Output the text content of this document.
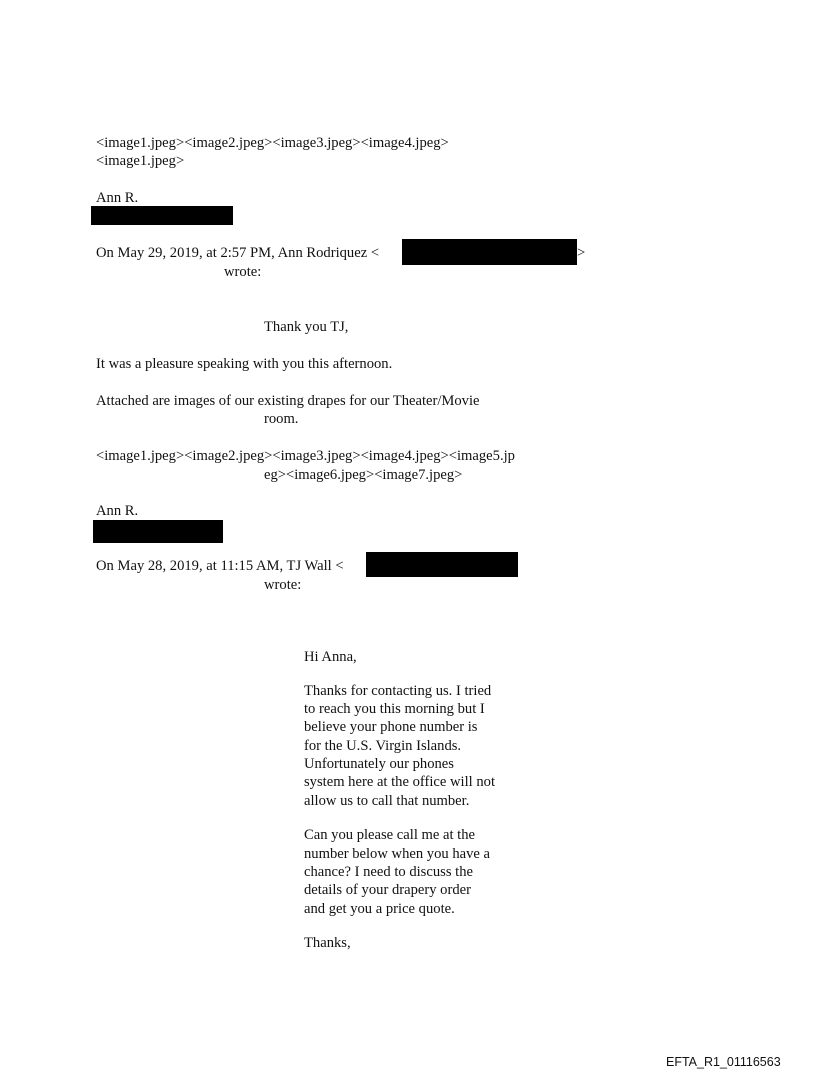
<image1.jpeg><image2.jpeg><image3.jpeg><image4.jpeg>
<image1.jpeg>
Ann R.
On May 29, 2019, at 2:57 PM, Ann Rodriquez <	>
wrote:
Thank you TJ,
It was a pleasure speaking with you this afternoon.
Attached are images of our existing drapes for our Theater/Movie
room.
<image1.jpeg><image2.jpeg><image3.jpeg><image4.jpeg><image5.jp
eg><image6.jpeg><image7.jpeg>
Ann R.
On May 28, 2019, at 11:15 AM, TJ Wall <
wrote:
Hi Anna,
Thanks for contacting us. I tried
to reach you this morning but I
believe your phone number is
for the U.S. Virgin Islands.
Unfortunately our phones
system here at the office will not
allow us to call that number.
Can you please call me at the
number below when you have a
chance? I need to discuss the
details of your drapery order
and get you a price quote.
Thanks,
EFTA_R1_01116563
